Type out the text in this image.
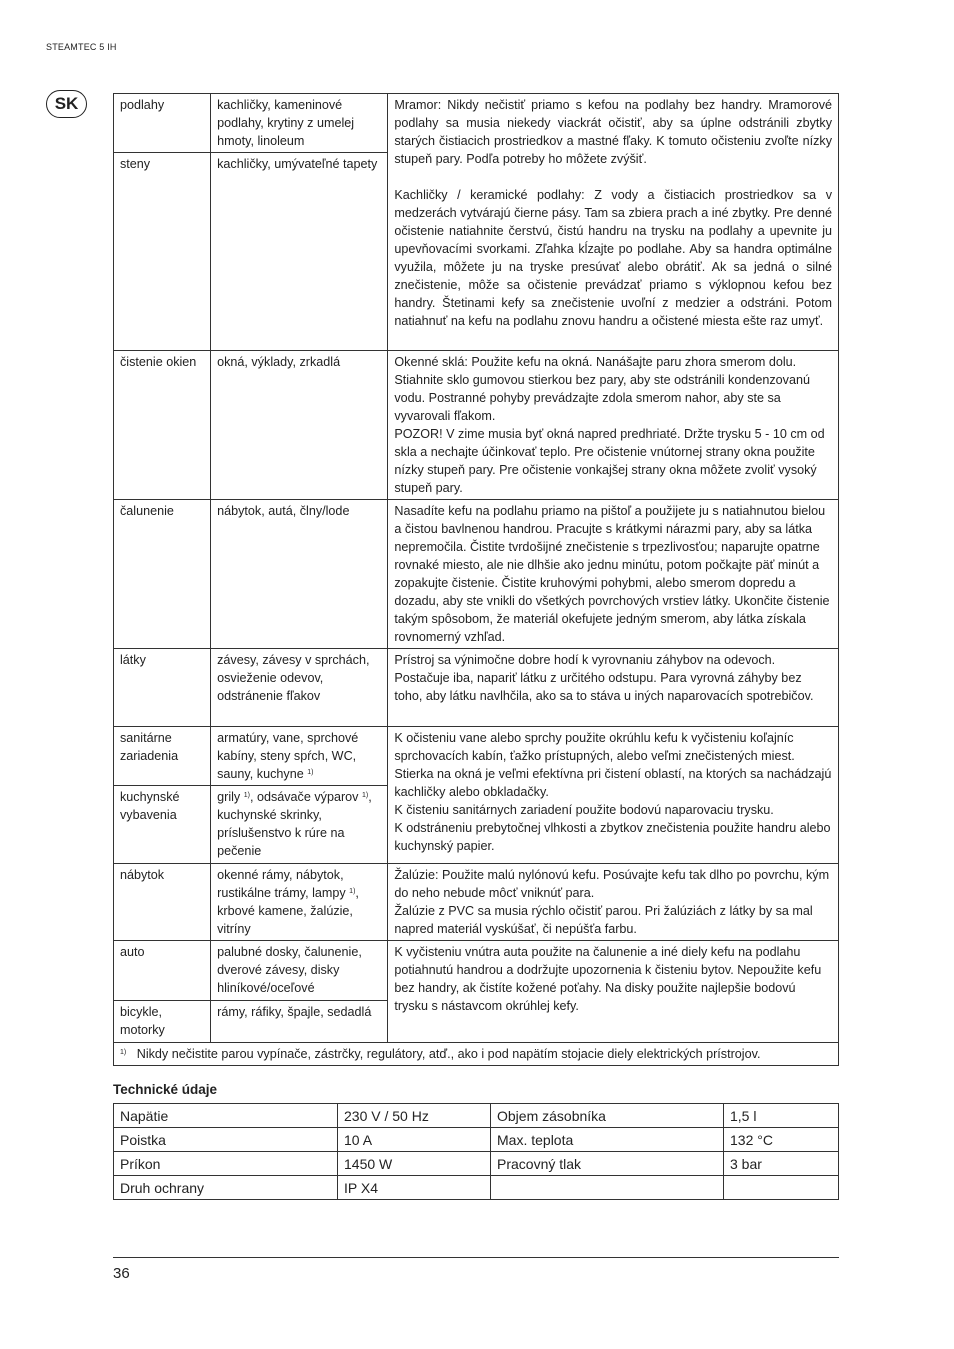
STEAMTEC 5 IH
SK	podlahy	kachličky, kameninové podlahy, krytiny z umelej hmoty, linoleum	Mramor: Nikdy nečistiť priamo s kefou na podlahy bez handry. Mramorové podlahy sa musia niekedy viackrát očistiť, aby sa úplne odstránili zbytky starých čistiacich prostriedkov a mastné fľaky. K tomuto očisteniu zvoľte nízky stupeň pary. Podľa potreby ho môžete zvýšiť.
Kachličky / keramické podlahy: Z vody a čistiacich prostriedkov sa v medzerách vytvárajú čierne pásy. Tam sa zbiera prach a iné zbytky. Pre denné očistenie natiahnite čerstvú, čistú handru na trysku na podlahy a upevnite ju upevňovacími svorkami. Zľahka kĺzajte po podlahe. Aby sa handra optimálne využila, môžete ju na tryske presúvať alebo obrátiť. Ak sa jedná o silné znečistenie, môže sa očistenie prevádzať priamo s výklopnou kefou bez handry. Štetinami kefy sa znečistenie uvoľní z medzier a odstráni. Potom natiahnuť na kefu na podlahu znovu handru a očistené miesta ešte raz umyť.

steny	kachličky, umývateľné tapety	
čistenie okien	okná, výklady, zrkadlá	Okenné sklá: Použite kefu na okná. Nanášajte paru zhora smerom dolu. Stiahnite sklo gumovou stierkou bez pary, aby ste odstránili kondenzovanú vodu. Postranné pohyby prevádzajte zdola smerom nahor, aby ste sa vyvarovali fľakom.
POZOR! V zime musia byť okná napred predhriaté. Držte trysku 5 - 10 cm od skla a nechajte účinkovať teplo. Pre očistenie vnútornej strany okna použite nízky stupeň pary. Pre očistenie vonkajšej strany okna môžete zvoliť vysoký stupeň pary.

čalunenie	nábytok, autá, člny/lode	Nasadíte kefu na podlahu priamo na pištoľ a použijete ju s natiahnutou bielou a čistou bavlnenou handrou. Pracujte s krátkymi nárazmi pary, aby sa látka nepremočila. Čistite tvrdošijné znečistenie s trpezlivosťou; naparujte opatrne rovnaké miesto, ale nie dlhšie ako jednu minútu, potom počkajte päť minút a zopakujte čistenie. Čistite kruhovými pohybmi, alebo smerom dopredu a dozadu, aby ste vnikli do všetkých povrchových vrstiev látky. Ukončite čistenie takým spôsobom, že materiál okefujete jedným smerom, aby látka získala rovnomerný vzhľad.
látky	závesy, závesy v sprchách, osvieženie odevov, odstránenie fľakov	Prístroj sa výnimočne dobre hodí k vyrovnaniu záhybov na odevoch. Postačuje iba, napariť látku z určitého odstupu. Para vyrovná záhyby bez toho, aby látku navlhčila, ako sa to stáva u iných naparovacích spotrebičov.
sanitárne zariadenia	armatúry, vane, sprchové kabíny, steny spŕch, WC, sauny, kuchyne $^{1)}$	K očisteniu vane alebo sprchy použite okrúhlu kefu k vyčisteniu koľajníc sprchovacích kabín, ťažko prístupných, alebo veľmi znečistených miest. Stierka na okná je veľmi efektívna pri čistení oblastí, na ktorých sa nachádzajú kachličky alebo obkladačky.
K čisteniu sanitárnych zariadení použite bodovú naparovaciu trysku.
K odstráneniu prebytočnej vlhkosti a zbytkov znečistenia použite handru alebo kuchynský papier.

kuchynské vybavenia	grily $^{1)}$, odsávače výparov $^{1)}$, kuchynské skrinky, príslušenstvo k rúre na pečenie	
nábytok	okenné rámy, nábytok, rustikálne trámy, lampy $^{1)}$, krbové kamene, žalúzie, vitríny	Žalúzie: Použite malú nylónovú kefu. Posúvajte kefu tak dlho po povrchu, kým do neho nebude môcť vniknúť para.
Žalúzie z PVC sa musia rýchlo očistiť parou. Pri žalúziách z látky by sa mal napred materiál vyskúšať, či nepúšťa farbu.

auto	palubné dosky, čalunenie, dverové závesy, disky hliníkové/oceľové	K vyčisteniu vnútra auta použite na čalunenie a iné diely kefu na podlahu potiahnutú handrou a dodržujte upozornenia k čisteniu bytov. Nepoužite kefu bez handry, ak čistíte kožené poťahy. Na disky použite najlepšie bodovú trysku s nástavcom okrúhlej kefy.
bicykle, motorky	rámy, ráfiky, špajle, sedadlá	
$^{1)}$ Nikdy nečistite parou vypínače, zástrčky, regulátory, atď., ako i pod napätím stojacie diely elektrických prístrojov.		
Technické údaje
Napätie	230 V / 50 Hz	Objem zásobníka	1,5 l
Poistka	10 A	Max. teplota	132 °C
Príkon	1450 W	Pracovný tlak	3 bar
Druh ochrany	IP X4		
36
